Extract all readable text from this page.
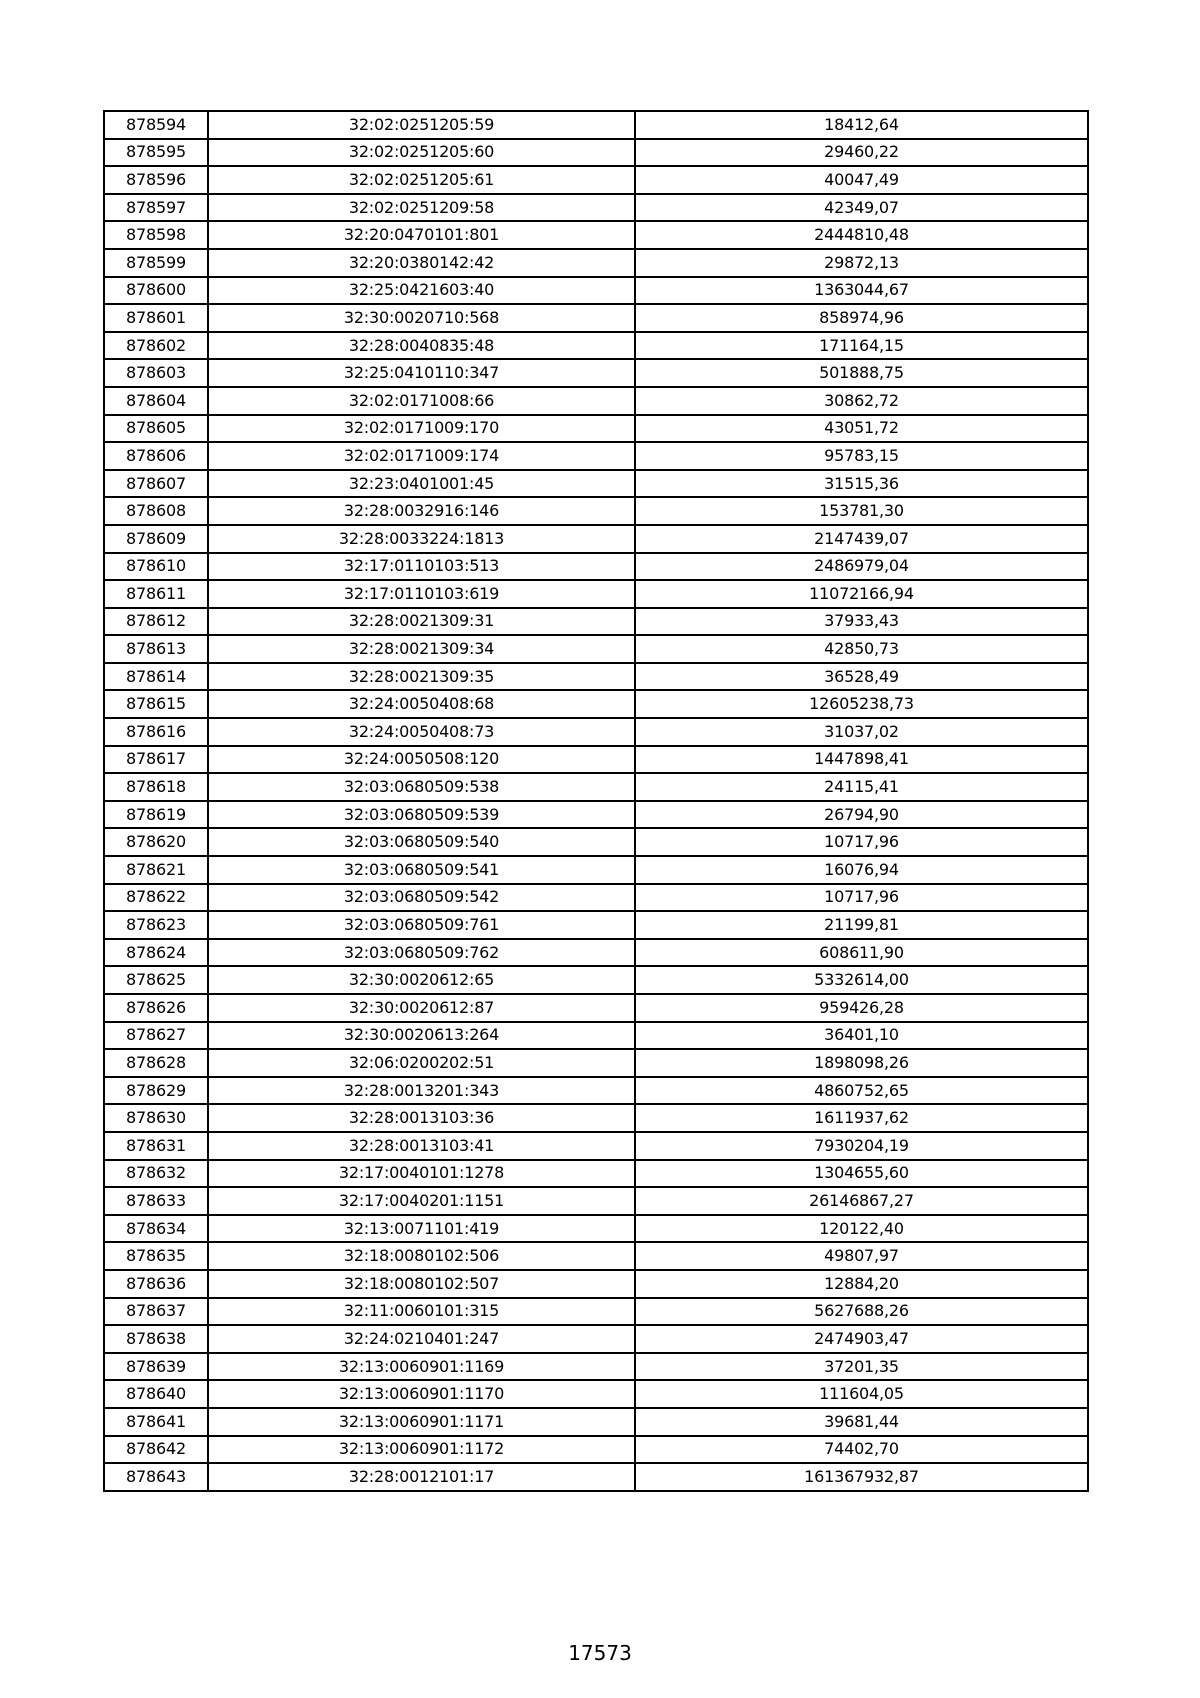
878594	32:02:0251205:59	18412,64
878595	32:02:0251205:60	29460,22
878596	32:02:0251205:61	40047,49
878597	32:02:0251209:58	42349,07
878598	32:20:0470101:801	2444810,48
878599	32:20:0380142:42	29872,13
878600	32:25:0421603:40	1363044,67
878601	32:30:0020710:568	858974,96
878602	32:28:0040835:48	171164,15
878603	32:25:0410110:347	501888,75
878604	32:02:0171008:66	30862,72
878605	32:02:0171009:170	43051,72
878606	32:02:0171009:174	95783,15
878607	32:23:0401001:45	31515,36
878608	32:28:0032916:146	153781,30
878609	32:28:0033224:1813	2147439,07
878610	32:17:0110103:513	2486979,04
878611	32:17:0110103:619	11072166,94
878612	32:28:0021309:31	37933,43
878613	32:28:0021309:34	42850,73
878614	32:28:0021309:35	36528,49
878615	32:24:0050408:68	12605238,73
878616	32:24:0050408:73	31037,02
878617	32:24:0050508:120	1447898,41
878618	32:03:0680509:538	24115,41
878619	32:03:0680509:539	26794,90
878620	32:03:0680509:540	10717,96
878621	32:03:0680509:541	16076,94
878622	32:03:0680509:542	10717,96
878623	32:03:0680509:761	21199,81
878624	32:03:0680509:762	608611,90
878625	32:30:0020612:65	5332614,00
878626	32:30:0020612:87	959426,28
878627	32:30:0020613:264	36401,10
878628	32:06:0200202:51	1898098,26
878629	32:28:0013201:343	4860752,65
878630	32:28:0013103:36	1611937,62
878631	32:28:0013103:41	7930204,19
878632	32:17:0040101:1278	1304655,60
878633	32:17:0040201:1151	26146867,27
878634	32:13:0071101:419	120122,40
878635	32:18:0080102:506	49807,97
878636	32:18:0080102:507	12884,20
878637	32:11:0060101:315	5627688,26
878638	32:24:0210401:247	2474903,47
878639	32:13:0060901:1169	37201,35
878640	32:13:0060901:1170	111604,05
878641	32:13:0060901:1171	39681,44
878642	32:13:0060901:1172	74402,70
878643	32:28:0012101:17	161367932,87
17573
